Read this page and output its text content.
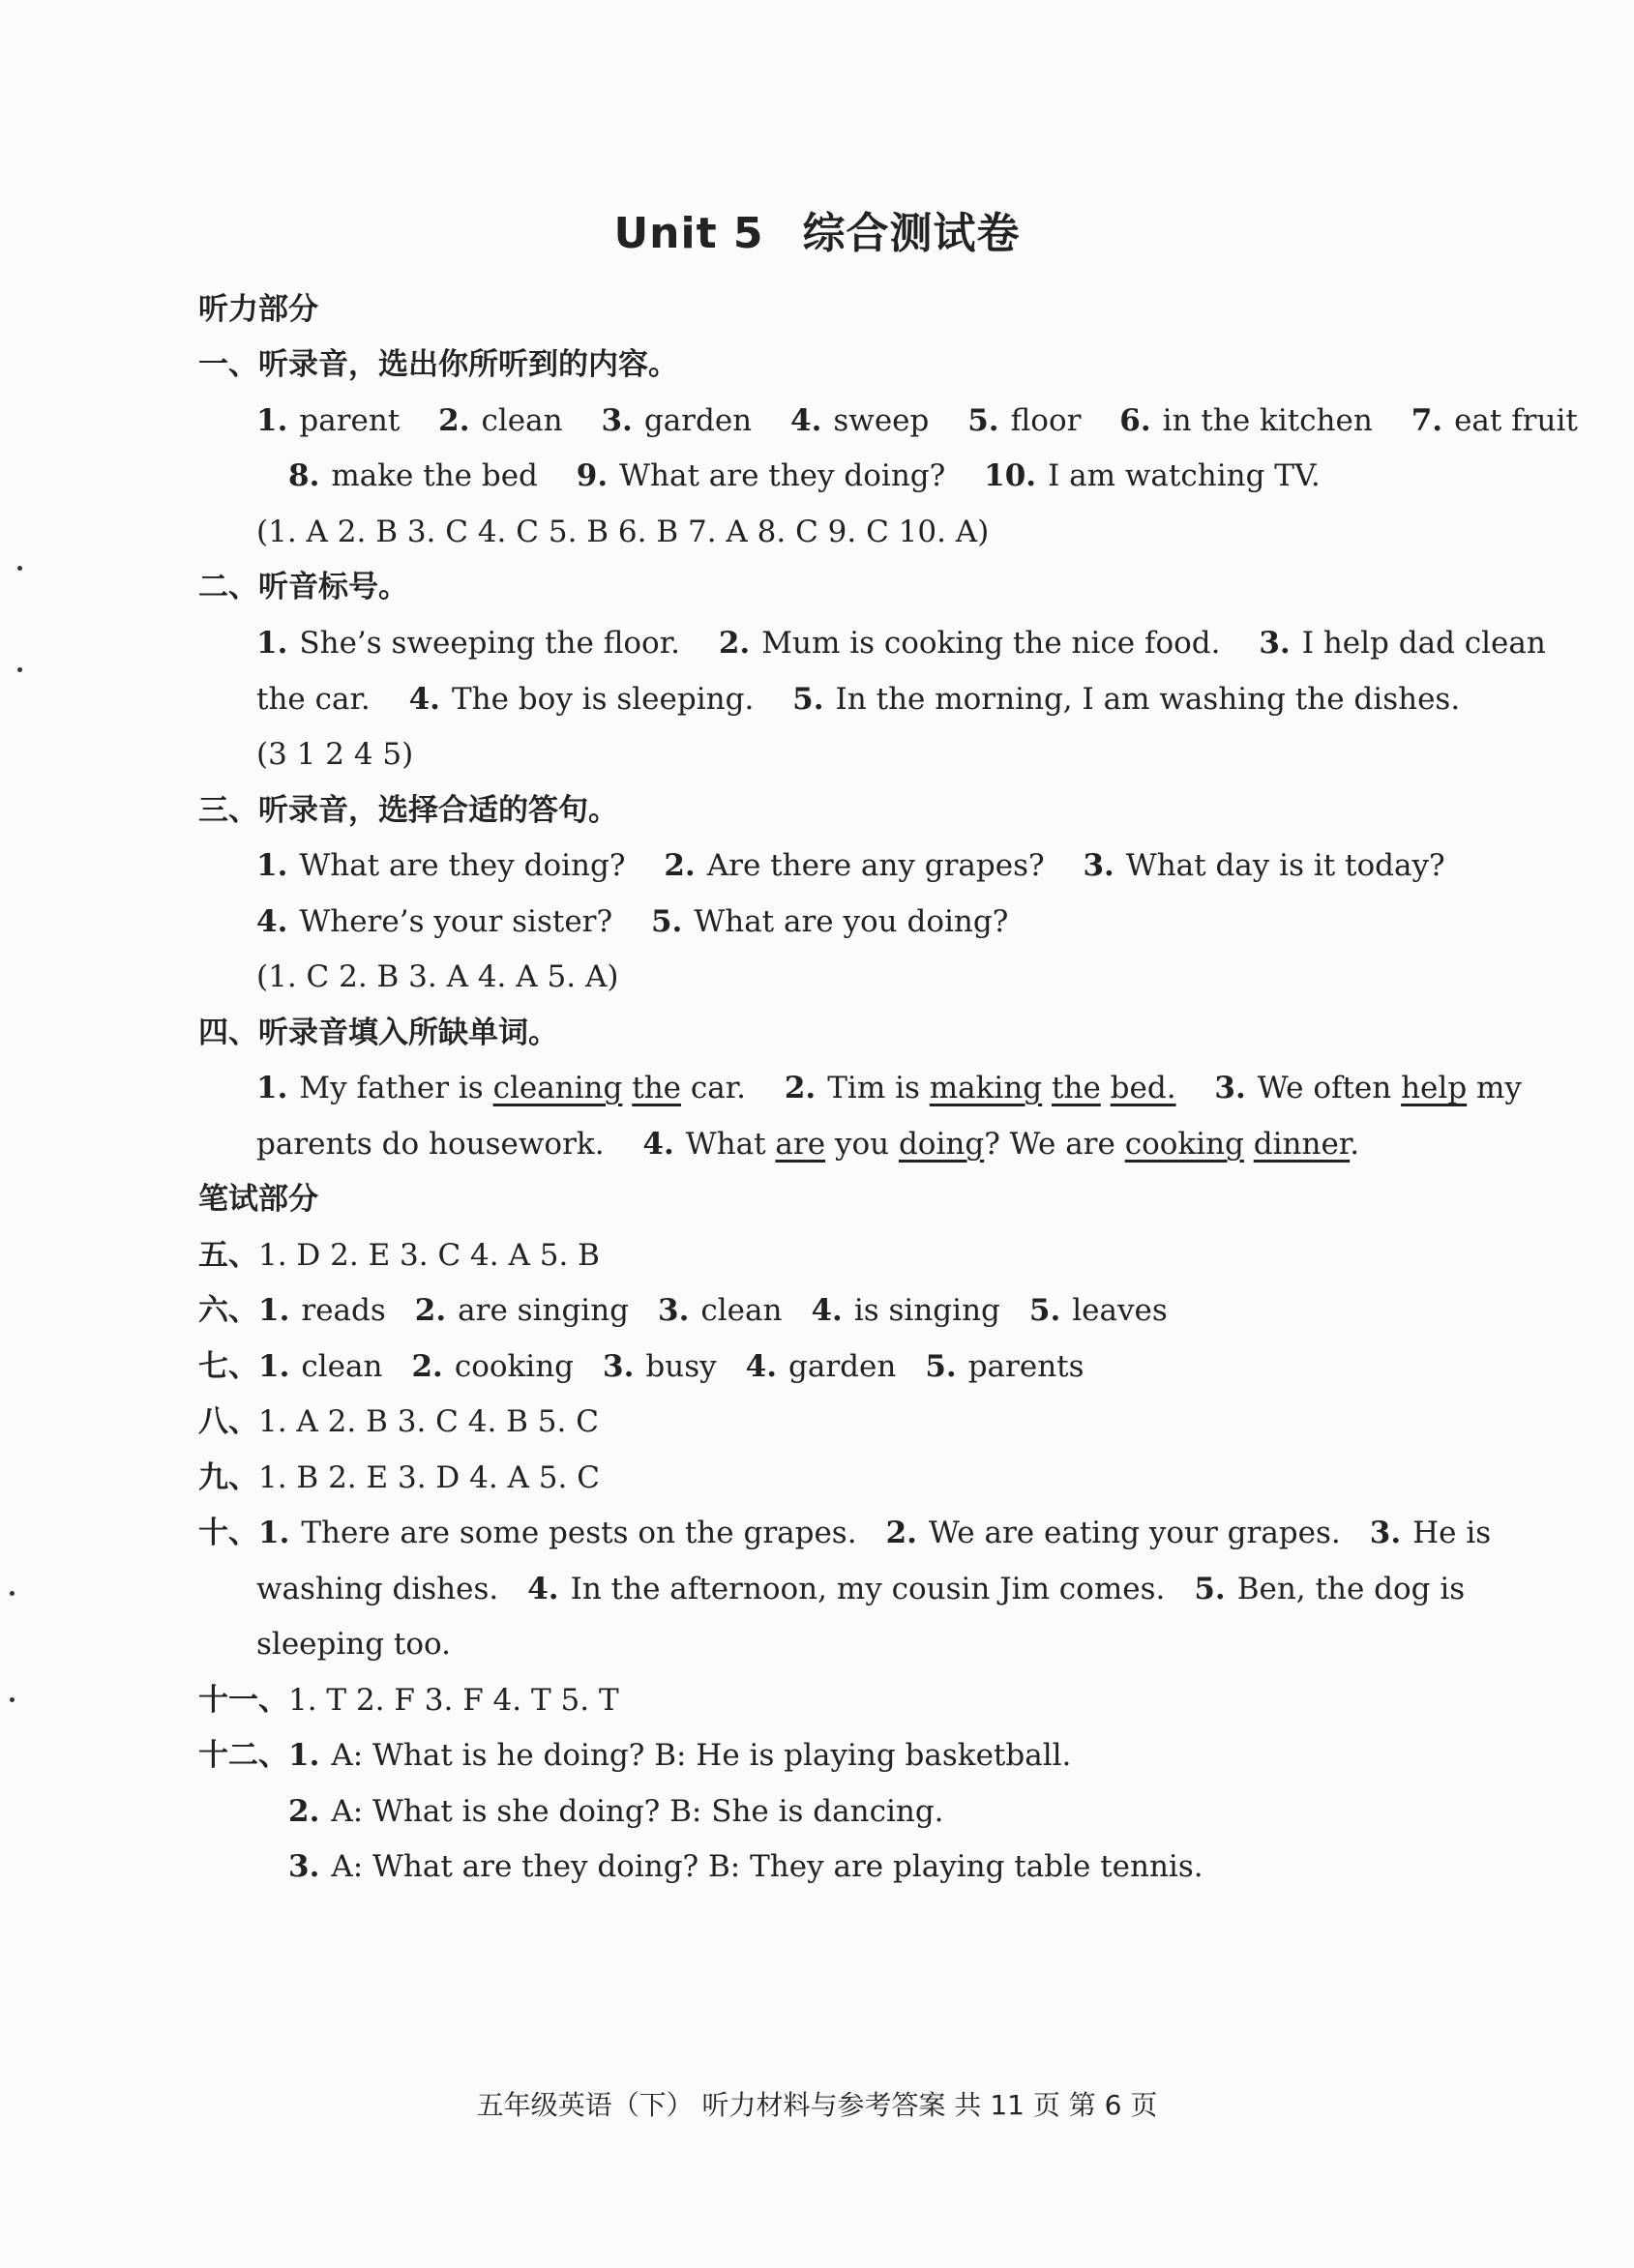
Unit 5 综合测试卷
听力部分
一、听录音，选出你所听到的内容。
1. parent 2. clean 3. garden 4. sweep 5. floor 6. in the kitchen 7. eat fruit
8. make the bed 9. What are they doing? 10. I am watching TV.
(1. A 2. B 3. C 4. C 5. B 6. B 7. A 8. C 9. C 10. A)
二、听音标号。
1. She’s sweeping the floor. 2. Mum is cooking the nice food. 3. I help dad clean
the car. 4. The boy is sleeping. 5. In the morning, I am washing the dishes.
(3 1 2 4 5)
三、听录音，选择合适的答句。
1. What are they doing? 2. Are there any grapes? 3. What day is it today?
4. Where’s your sister? 5. What are you doing?
(1. C 2. B 3. A 4. A 5. A)
四、听录音填入所缺单词。
1. My father is cleaning the car. 2. Tim is making the bed. 3. We often help my
parents do housework. 4. What are you doing? We are cooking dinner.
笔试部分
五、1. D 2. E 3. C 4. A 5. B
六、1. reads 2. are singing 3. clean 4. is singing 5. leaves
七、1. clean 2. cooking 3. busy 4. garden 5. parents
八、1. A 2. B 3. C 4. B 5. C
九、1. B 2. E 3. D 4. A 5. C
十、1. There are some pests on the grapes. 2. We are eating your grapes. 3. He is
washing dishes. 4. In the afternoon, my cousin Jim comes. 5. Ben, the dog is
sleeping too.
十一、1. T 2. F 3. F 4. T 5. T
十二、1. A: What is he doing? B: He is playing basketball.
2. A: What is she doing? B: She is dancing.
3. A: What are they doing? B: They are playing table tennis.
五年级英语（下） 听力材料与参考答案 共 11 页 第 6 页
